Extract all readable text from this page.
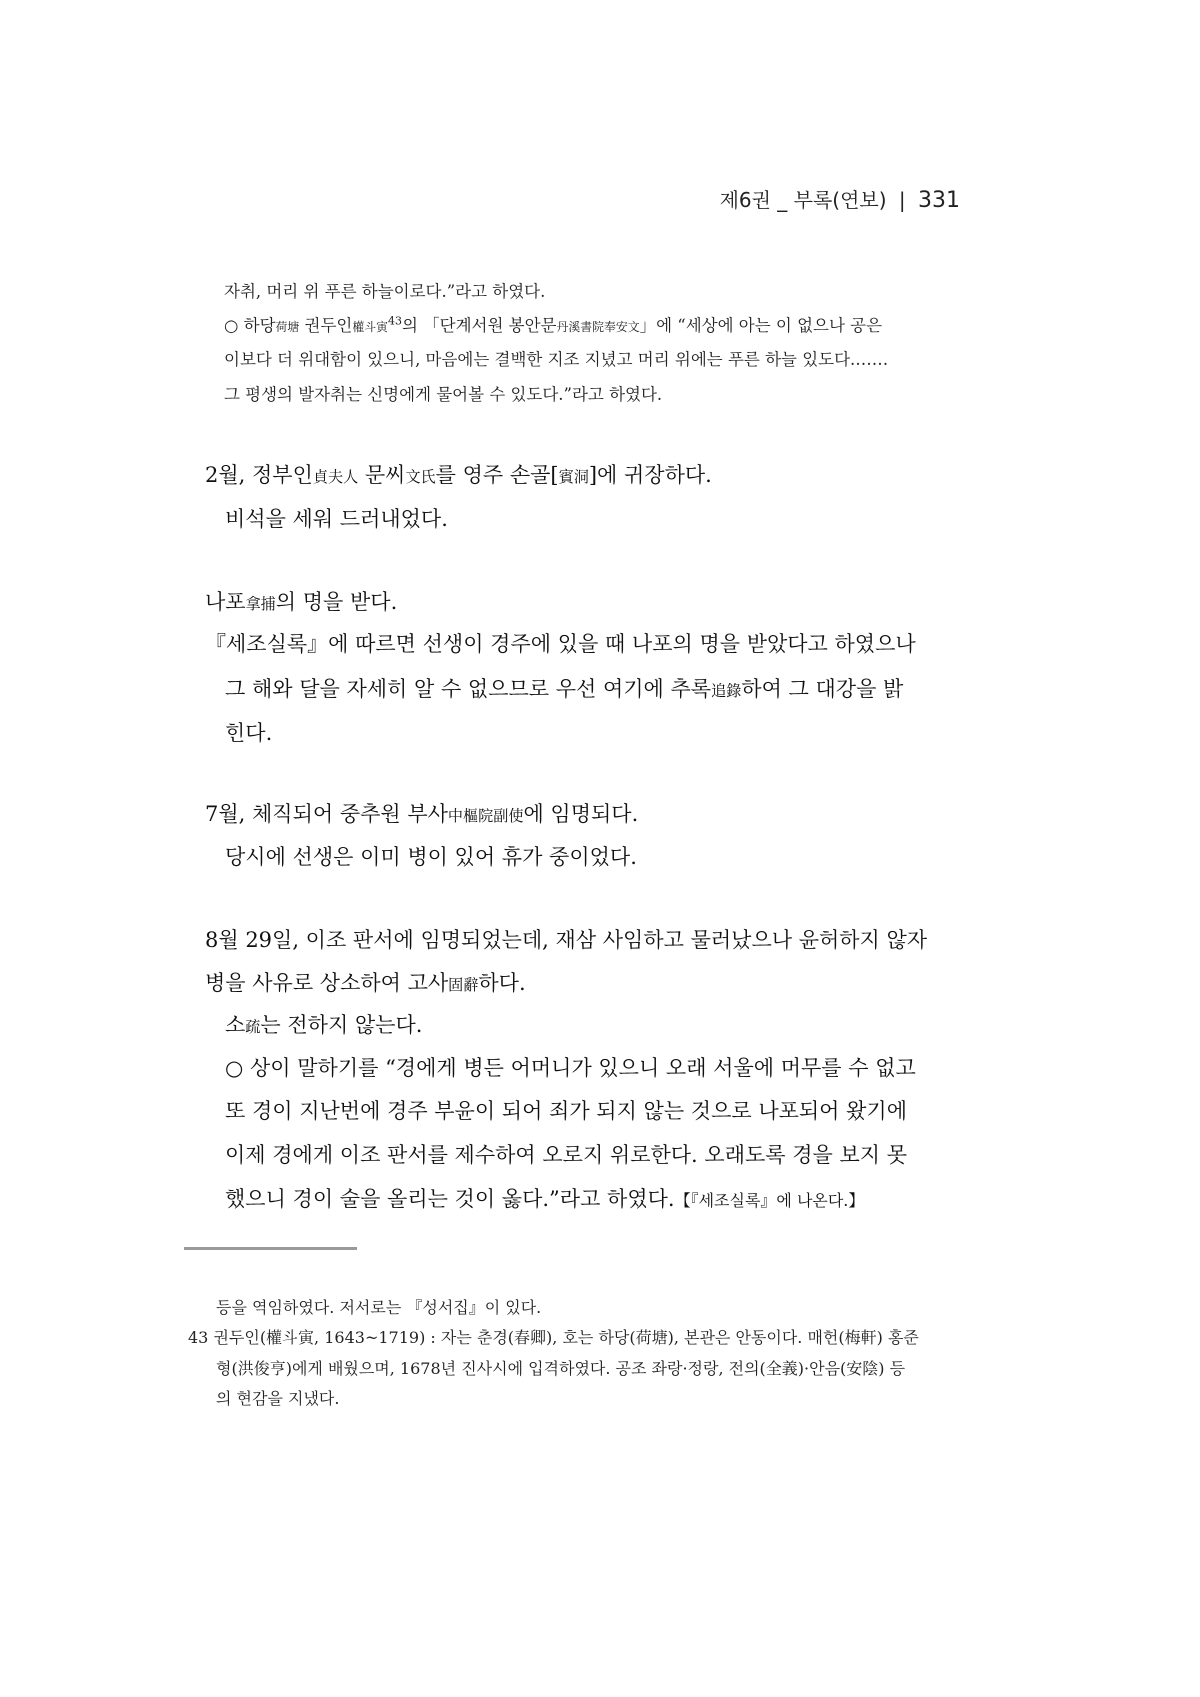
제6권 _ 부록(연보) | 331
자취, 머리 위 푸른 하늘이로다.”라고 하였다.
○ 하당荷塘 권두인權斗寅$^{43}$의 「단계서원 봉안문丹溪書院奉安文」에 “세상에 아는 이 없으나 공은
이보다 더 위대함이 있으니, 마음에는 결백한 지조 지녔고 머리 위에는 푸른 하늘 있도다.……
그 평생의 발자취는 신명에게 물어볼 수 있도다.”라고 하였다.
2월, 정부인貞夫人 문씨文氏를 영주 손골[賓洞]에 귀장하다.
비석을 세워 드러내었다.
나포拿捕의 명을 받다.
『세조실록』에 따르면 선생이 경주에 있을 때 나포의 명을 받았다고 하였으나
그 해와 달을 자세히 알 수 없으므로 우선 여기에 추록追錄하여 그 대강을 밝
힌다.
7월, 체직되어 중추원 부사中樞院副使에 임명되다.
당시에 선생은 이미 병이 있어 휴가 중이었다.
8월 29일, 이조 판서에 임명되었는데, 재삼 사임하고 물러났으나 윤허하지 않자
병을 사유로 상소하여 고사固辭하다.
소疏는 전하지 않는다.
○ 상이 말하기를 “경에게 병든 어머니가 있으니 오래 서울에 머무를 수 없고
또 경이 지난번에 경주 부윤이 되어 죄가 되지 않는 것으로 나포되어 왔기에
이제 경에게 이조 판서를 제수하여 오로지 위로한다. 오래도록 경을 보지 못
했으니 경이 술을 올리는 것이 옳다.”라고 하였다.【『세조실록』에 나온다.】
등을 역임하였다. 저서로는 『성서집』이 있다.
43 권두인(權斗寅, 1643~1719) : 자는 춘경(春卿), 호는 하당(荷塘), 본관은 안동이다. 매헌(梅軒) 홍준
형(洪俊亨)에게 배웠으며, 1678년 진사시에 입격하였다. 공조 좌랑·정랑, 전의(全義)·안음(安陰) 등
의 현감을 지냈다.
